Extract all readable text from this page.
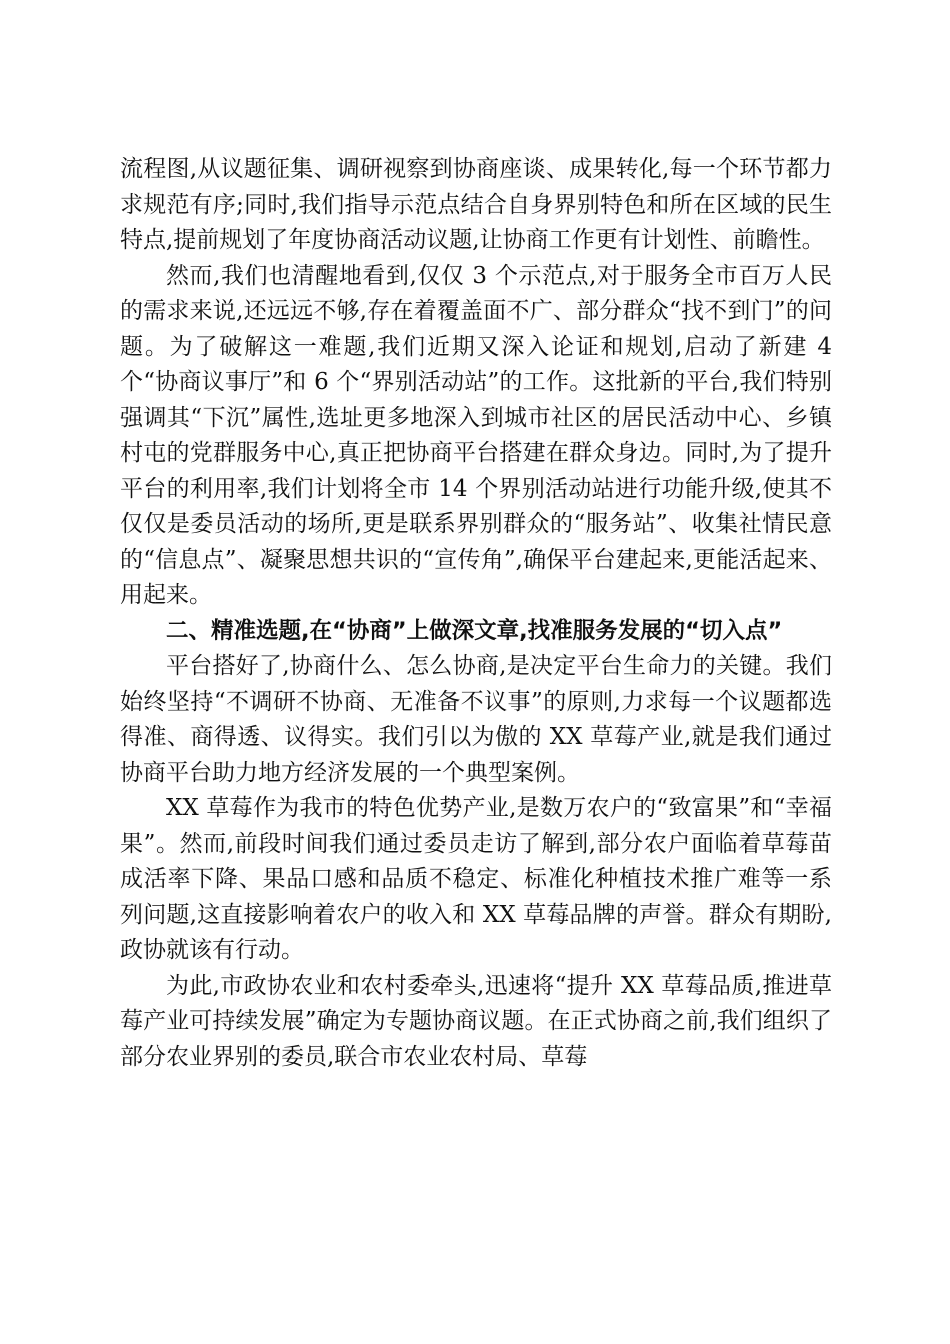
流程图,从议题征集、调研视察到协商座谈、成果转化,每一个环节都力求规范有序;同时,我们指导示范点结合自身界别特色和所在区域的民生特点,提前规划了年度协商活动议题,让协商工作更有计划性、前瞻性。

然而,我们也清醒地看到,仅仅 3 个示范点,对于服务全市百万人民的需求来说,还远远不够,存在着覆盖面不广、部分群众“找不到门”的问题。为了破解这一难题,我们近期又深入论证和规划,启动了新建 4 个“协商议事厅”和 6 个“界别活动站”的工作。这批新的平台,我们特别强调其“下沉”属性,选址更多地深入到城市社区的居民活动中心、乡镇村屯的党群服务中心,真正把协商平台搭建在群众身边。同时,为了提升平台的利用率,我们计划将全市 14 个界别活动站进行功能升级,使其不仅仅是委员活动的场所,更是联系界别群众的“服务站”、收集社情民意的“信息点”、凝聚思想共识的“宣传角”,确保平台建起来,更能活起来、用起来。

二、精准选题,在“协商”上做深文章,找准服务发展的“切入点”

平台搭好了,协商什么、怎么协商,是决定平台生命力的关键。我们始终坚持“不调研不协商、无准备不议事”的原则,力求每一个议题都选得准、商得透、议得实。我们引以为傲的 XX 草莓产业,就是我们通过协商平台助力地方经济发展的一个典型案例。

XX 草莓作为我市的特色优势产业,是数万农户的“致富果”和“幸福果”。然而,前段时间我们通过委员走访了解到,部分农户面临着草莓苗成活率下降、果品口感和品质不稳定、标准化种植技术推广难等一系列问题,这直接影响着农户的收入和 XX 草莓品牌的声誉。群众有期盼,政协就该有行动。

为此,市政协农业和农村委牵头,迅速将“提升 XX 草莓品质,推进草莓产业可持续发展”确定为专题协商议题。在正式协商之前,我们组织了部分农业界别的委员,联合市农业农村局、草莓
